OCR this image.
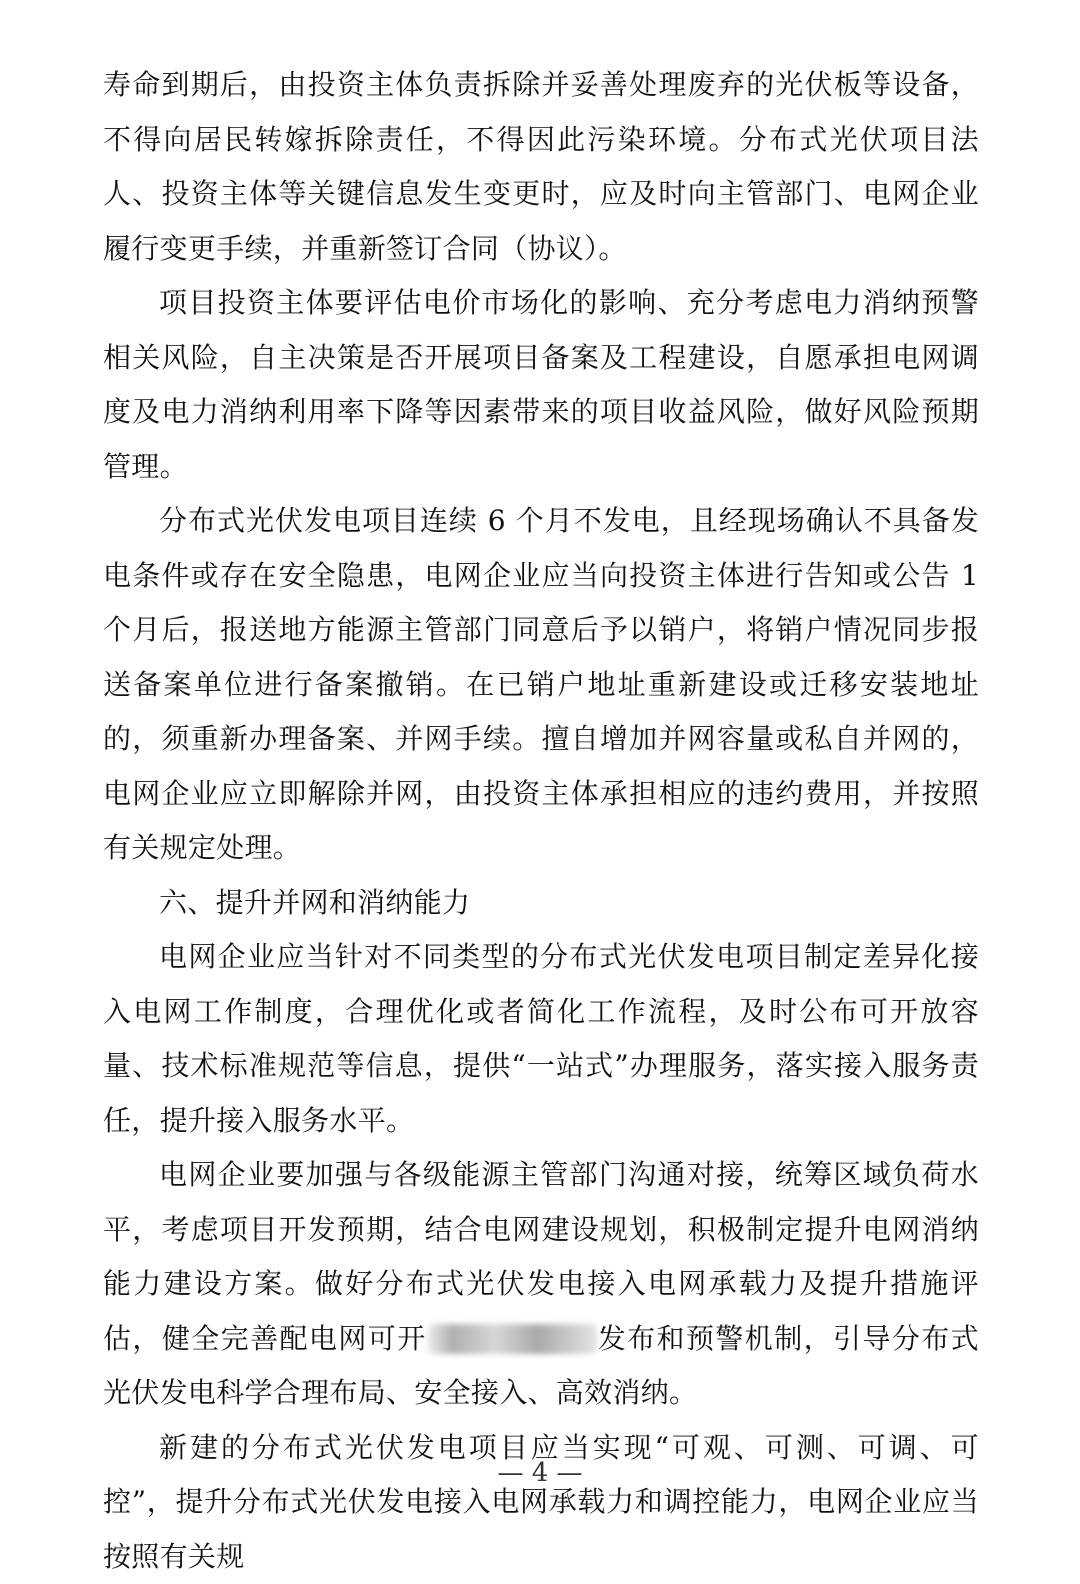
寿命到期后，由投资主体负责拆除并妥善处理废弃的光伏板等设备，不得向居民转嫁拆除责任，不得因此污染环境。分布式光伏项目法人、投资主体等关键信息发生变更时，应及时向主管部门、电网企业履行变更手续，并重新签订合同（协议）。

项目投资主体要评估电价市场化的影响、充分考虑电力消纳预警相关风险，自主决策是否开展项目备案及工程建设，自愿承担电网调度及电力消纳利用率下降等因素带来的项目收益风险，做好风险预期管理。

分布式光伏发电项目连续 6 个月不发电，且经现场确认不具备发电条件或存在安全隐患，电网企业应当向投资主体进行告知或公告 1 个月后，报送地方能源主管部门同意后予以销户，将销户情况同步报送备案单位进行备案撤销。在已销户地址重新建设或迁移安装地址的，须重新办理备案、并网手续。擅自增加并网容量或私自并网的，电网企业应立即解除并网，由投资主体承担相应的违约费用，并按照有关规定处理。

六、提升并网和消纳能力

电网企业应当针对不同类型的分布式光伏发电项目制定差异化接入电网工作制度，合理优化或者简化工作流程，及时公布可开放容量、技术标准规范等信息，提供“一站式”办理服务，落实接入服务责任，提升接入服务水平。

电网企业要加强与各级能源主管部门沟通对接，统筹区域负荷水平，考虑项目开发预期，结合电网建设规划，积极制定提升电网消纳能力建设方案。做好分布式光伏发电接入电网承载力及提升措施评估，健全完善配电网可开	发布和预警机制，引导分布式光伏发电科学合理布局、安全接入、高效消纳。

新建的分布式光伏发电项目应当实现“可观、可测、可调、可控”，提升分布式光伏发电接入电网承载力和调控能力，电网企业应当按照有关规

— 4 —
